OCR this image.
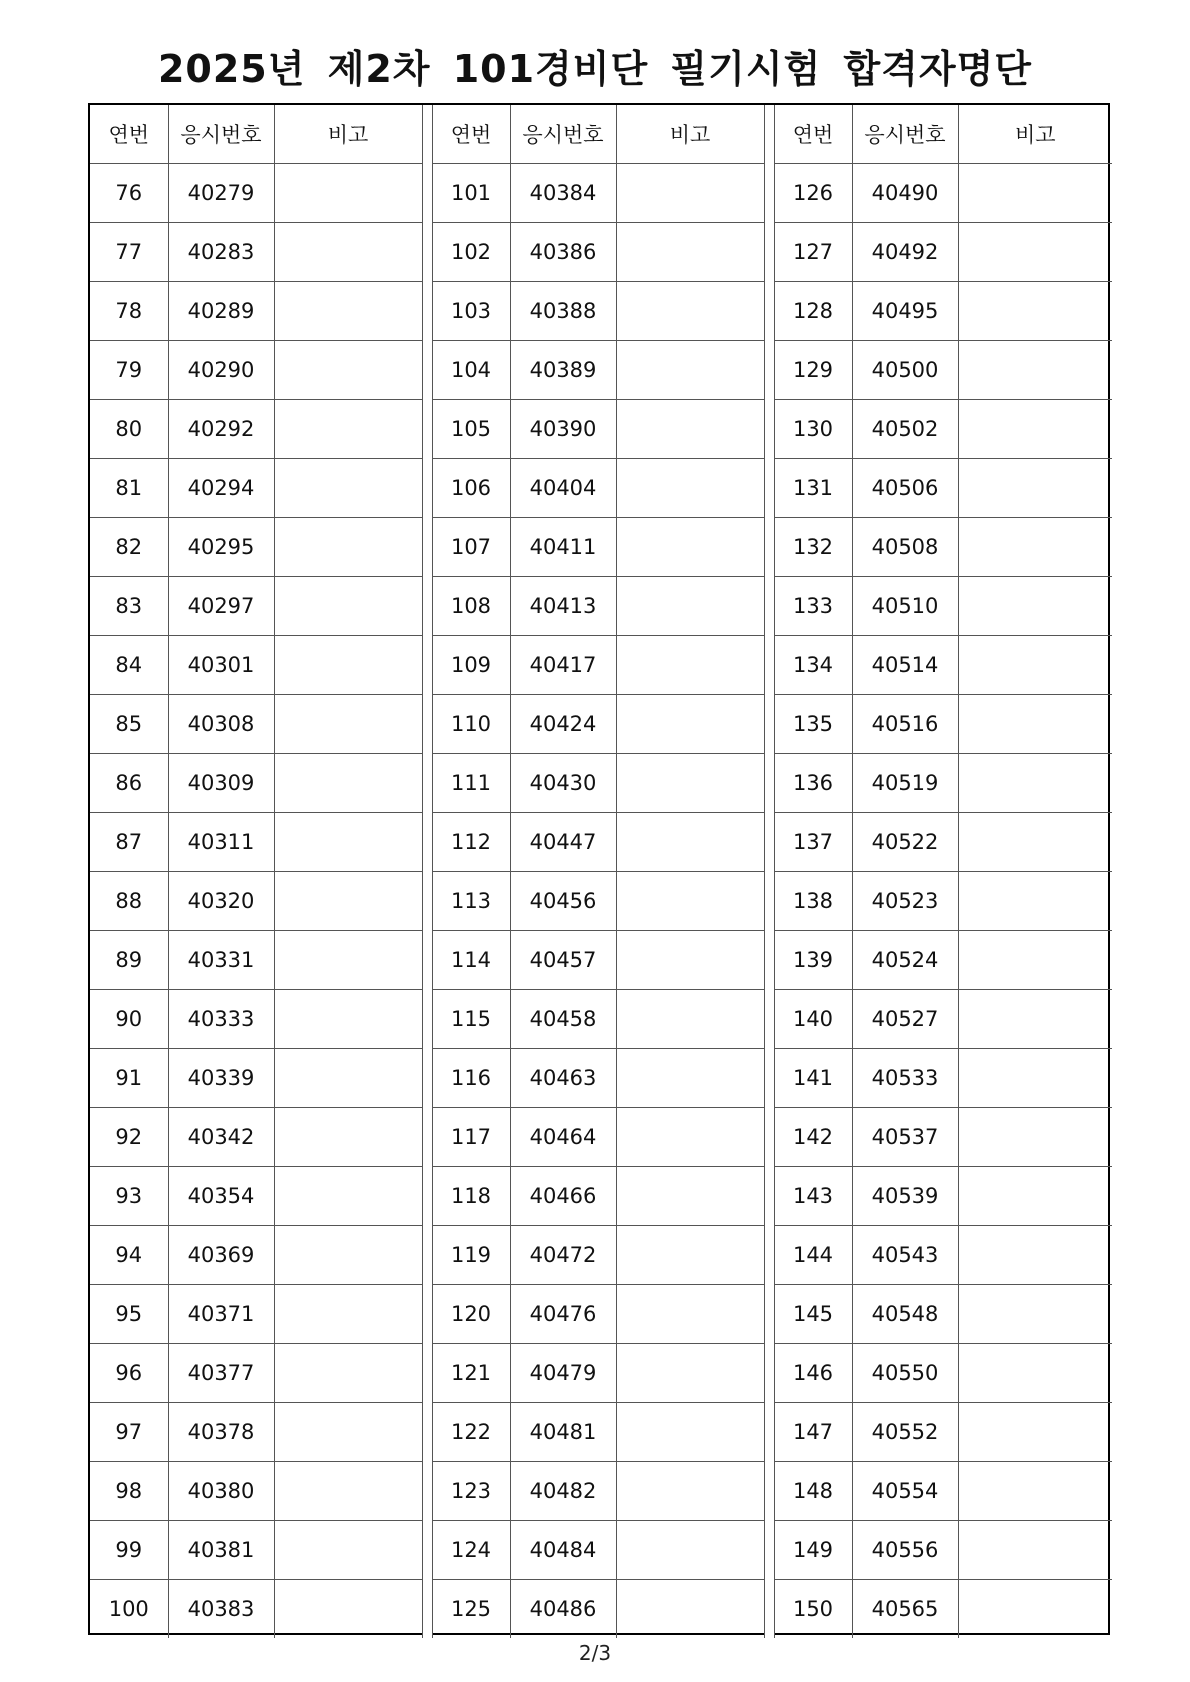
2025년 제2차 101경비단 필기시험 합격자명단
연번	응시번호	비고		연번	응시번호	비고		연번	응시번호	비고
76	40279			101	40384			126	40490	
77	40283			102	40386			127	40492	
78	40289			103	40388			128	40495	
79	40290			104	40389			129	40500	
80	40292			105	40390			130	40502	
81	40294			106	40404			131	40506	
82	40295			107	40411			132	40508	
83	40297			108	40413			133	40510	
84	40301			109	40417			134	40514	
85	40308			110	40424			135	40516	
86	40309			111	40430			136	40519	
87	40311			112	40447			137	40522	
88	40320			113	40456			138	40523	
89	40331			114	40457			139	40524	
90	40333			115	40458			140	40527	
91	40339			116	40463			141	40533	
92	40342			117	40464			142	40537	
93	40354			118	40466			143	40539	
94	40369			119	40472			144	40543	
95	40371			120	40476			145	40548	
96	40377			121	40479			146	40550	
97	40378			122	40481			147	40552	
98	40380			123	40482			148	40554	
99	40381			124	40484			149	40556	
100	40383			125	40486			150	40565	
2/3
